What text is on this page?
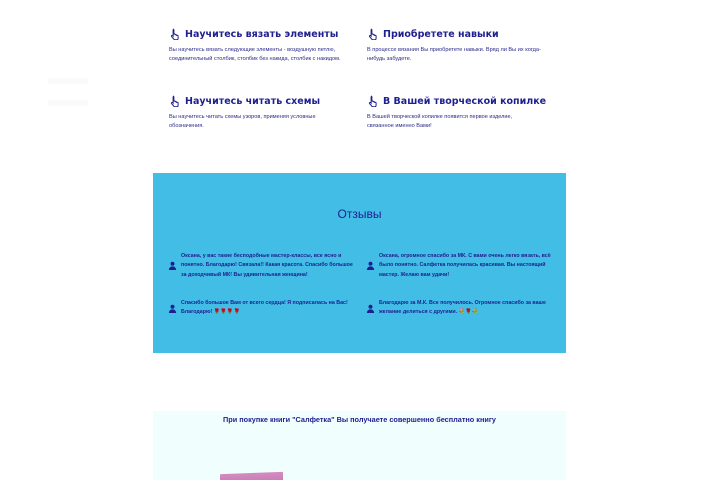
Научитесь вязать элементы
Вы научитесь вязать следующие элементы - воздушную петлю, соединительный столбик, столбик без накида, столбик с накидом.
Приобретете навыки
В процессе вязания Вы приобретете навыки. Вряд ли Вы их когда-нибудь забудете.
Научитесь читать схемы
Вы научитесь читать схемы узоров, применяя условные обозначения.
В Вашей творческой копилке
В Вашей творческой копилке появится первое изделие, связанное именно Вами!
Отзывы
Оксана, у вас такие бесподобные мастер-классы, все ясно и понятно. Благодарю! Связала!! Какая красота. Спасибо большое за доходчивый МК! Вы удивительная женщина!
Оксана, огромное спасибо за МК. С вами очень легко вязать, всё было понятно. Салфетка получилась красивая. Вы настоящий мастер. Желаю вам удачи!
Спасибо большое Вам от всего сердца! Я подписалась на Вас! Благодарю! 🌹🌹🌹🌹
Благодарю за М.К. Все получилось. Огромное спасибо за ваше желание делиться с другими. 💐🌹💐
При покупке книги "Салфетка" Вы получаете совершенно бесплатно книгу
